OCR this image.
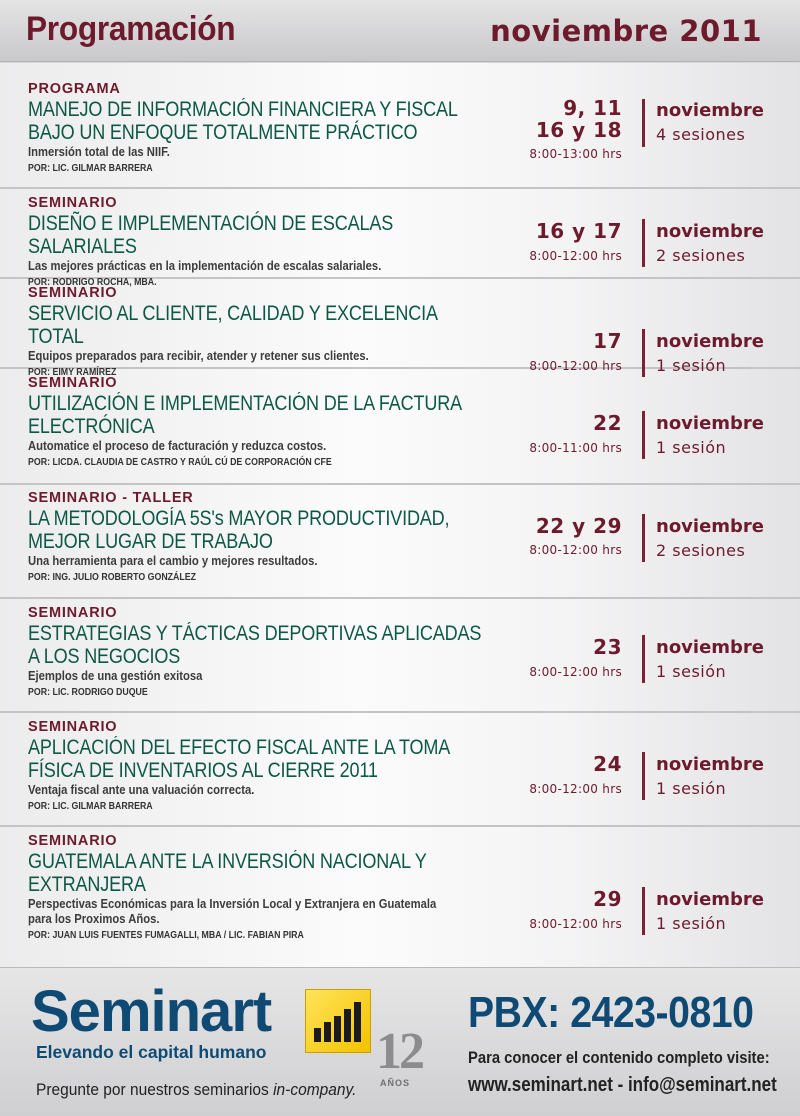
Programación	noviembre 2011
PROGRAMA
MANEJO DE INFORMACIÓN FINANCIERA Y FISCAL BAJO UN ENFOQUE TOTALMENTE PRÁCTICO
Inmersión total de las NIIF.
POR: LIC. GILMAR BARRERA
9, 11
16 y 18
8:00-13:00 hrs
noviembre
4 sesiones
SEMINARIO
DISEÑO E IMPLEMENTACIÓN DE ESCALAS SALARIALES
Las mejores prácticas en la implementación de escalas salariales.
POR: RODRIGO ROCHA, MBA.
16 y 17
8:00-12:00 hrs
noviembre
2 sesiones
SEMINARIO
SERVICIO AL CLIENTE, CALIDAD Y EXCELENCIA TOTAL
Equipos preparados para recibir, atender y retener sus clientes.
POR: EIMY RAMÍREZ
17
8:00-12:00 hrs
noviembre
1 sesión
SEMINARIO
UTILIZACIÓN E IMPLEMENTACIÓN DE LA FACTURA ELECTRÓNICA
Automatice el proceso de facturación y reduzca costos.
POR: LICDA. CLAUDIA DE CASTRO Y RAÚL CÚ DE CORPORACIÓN CFE
22
8:00-11:00 hrs
noviembre
1 sesión
SEMINARIO - TALLER
LA METODOLOGÍA 5S's MAYOR PRODUCTIVIDAD, MEJOR LUGAR DE TRABAJO
Una herramienta para el cambio y mejores resultados.
POR: ING. JULIO ROBERTO GONZÁLEZ
22 y 29
8:00-12:00 hrs
noviembre
2 sesiones
SEMINARIO
ESTRATEGIAS Y TÁCTICAS DEPORTIVAS APLICADAS A LOS NEGOCIOS
Ejemplos de una gestión exitosa
POR: LIC. RODRIGO DUQUE
23
8:00-12:00 hrs
noviembre
1 sesión
SEMINARIO
APLICACIÓN DEL EFECTO FISCAL ANTE LA TOMA FÍSICA DE INVENTARIOS AL CIERRE 2011
Ventaja fiscal ante una valuación correcta.
POR: LIC. GILMAR BARRERA
24
8:00-12:00 hrs
noviembre
1 sesión
SEMINARIO
GUATEMALA ANTE LA INVERSIÓN NACIONAL Y EXTRANJERA
Perspectivas Económicas para la Inversión Local y Extranjera en Guatemala para los Proximos Años.
POR: JUAN LUIS FUENTES FUMAGALLI, MBA / LIC. FABIAN PIRA
29
8:00-12:00 hrs
noviembre
1 sesión
Seminart
Elevando el capital humano 12
AÑOS
Pregunte por nuestros seminarios in-company.
PBX: 2423-0810
Para conocer el contenido completo visite:
www.seminart.net - info@seminart.net
